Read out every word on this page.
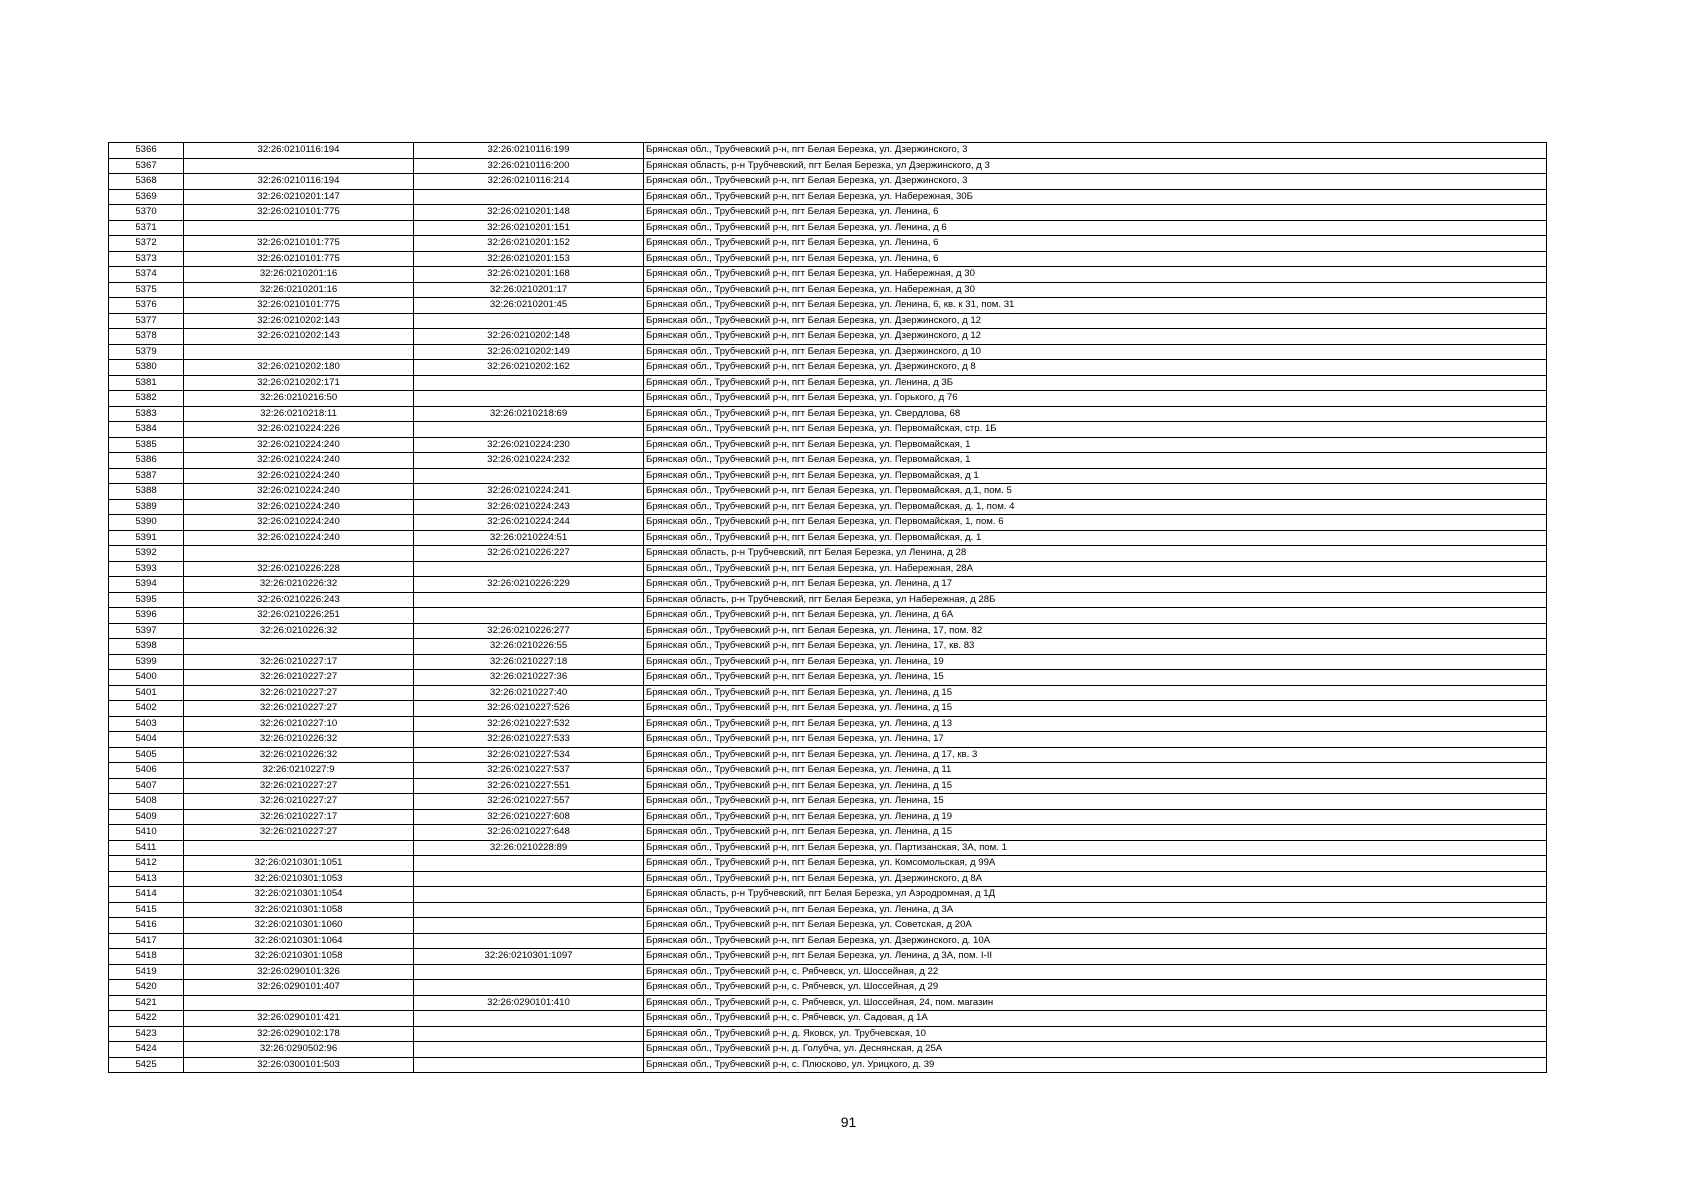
5366	32:26:0210116:194	32:26:0210116:199	Брянская обл., Трубчевский р-н, пгт Белая Березка, ул. Дзержинского, 3
5367		32:26:0210116:200	Брянская область, р-н Трубчевский, пгт Белая Березка, ул Дзержинского, д 3
5368	32:26:0210116:194	32:26:0210116:214	Брянская обл., Трубчевский р-н, пгт Белая Березка, ул. Дзержинского, 3
5369	32:26:0210201:147		Брянская обл., Трубчевский р-н, пгт Белая Березка, ул. Набережная, 30Б
5370	32:26:0210101:775	32:26:0210201:148	Брянская обл., Трубчевский р-н, пгт Белая Березка, ул. Ленина, 6
5371		32:26:0210201:151	Брянская обл., Трубчевский р-н, пгт Белая Березка, ул. Ленина, д 6
5372	32:26:0210101:775	32:26:0210201:152	Брянская обл., Трубчевский р-н, пгт Белая Березка, ул. Ленина, 6
5373	32:26:0210101:775	32:26:0210201:153	Брянская обл., Трубчевский р-н, пгт Белая Березка, ул. Ленина, 6
5374	32:26:0210201:16	32:26:0210201:168	Брянская обл., Трубчевский р-н, пгт Белая Березка, ул. Набережная, д 30
5375	32:26:0210201:16	32:26:0210201:17	Брянская обл., Трубчевский р-н, пгт Белая Березка, ул. Набережная, д 30
5376	32:26:0210101:775	32:26:0210201:45	Брянская обл., Трубчевский р-н, пгт Белая Березка, ул. Ленина, 6, кв. к 31, пом. 31
5377	32:26:0210202:143		Брянская обл., Трубчевский р-н, пгт Белая Березка, ул. Дзержинского, д 12
5378	32:26:0210202:143	32:26:0210202:148	Брянская обл., Трубчевский р-н, пгт Белая Березка, ул. Дзержинского, д 12
5379		32:26:0210202:149	Брянская обл., Трубчевский р-н, пгт Белая Березка, ул. Дзержинского, д 10
5380	32:26:0210202:180	32:26:0210202:162	Брянская обл., Трубчевский р-н, пгт Белая Березка, ул. Дзержинского, д 8
5381	32:26:0210202:171		Брянская обл., Трубчевский р-н, пгт Белая Березка, ул. Ленина, д 3Б
5382	32:26:0210216:50		Брянская обл., Трубчевский р-н, пгт Белая Березка, ул. Горького, д 76
5383	32:26:0210218:11	32:26:0210218:69	Брянская обл., Трубчевский р-н, пгт Белая Березка, ул. Свердлова, 68
5384	32:26:0210224:226		Брянская обл., Трубчевский р-н, пгт Белая Березка, ул. Первомайская, стр. 1Б
5385	32:26:0210224:240	32:26:0210224:230	Брянская обл., Трубчевский р-н, пгт Белая Березка, ул. Первомайская, 1
5386	32:26:0210224:240	32:26:0210224:232	Брянская обл., Трубчевский р-н, пгт Белая Березка, ул. Первомайская, 1
5387	32:26:0210224:240		Брянская обл., Трубчевский р-н, пгт Белая Березка, ул. Первомайская, д 1
5388	32:26:0210224:240	32:26:0210224:241	Брянская обл., Трубчевский р-н, пгт Белая Березка, ул. Первомайская, д.1, пом. 5
5389	32:26:0210224:240	32:26:0210224:243	Брянская обл., Трубчевский р-н, пгт Белая Березка, ул. Первомайская, д. 1, пом. 4
5390	32:26:0210224:240	32:26:0210224:244	Брянская обл., Трубчевский р-н, пгт Белая Березка, ул. Первомайская, 1, пом. 6
5391	32:26:0210224:240	32:26:0210224:51	Брянская обл., Трубчевский р-н, пгт Белая Березка, ул. Первомайская, д. 1
5392		32:26:0210226:227	Брянская область, р-н Трубчевский, пгт Белая Березка, ул Ленина, д 28
5393	32:26:0210226:228		Брянская обл., Трубчевский р-н, пгт Белая Березка, ул. Набережная, 28А
5394	32:26:0210226:32	32:26:0210226:229	Брянская обл., Трубчевский р-н, пгт Белая Березка, ул. Ленина, д 17
5395	32:26:0210226:243		Брянская область, р-н Трубчевский, пгт Белая Березка, ул Набережная, д 28Б
5396	32:26:0210226:251		Брянская обл., Трубчевский р-н, пгт Белая Березка, ул. Ленина, д 6А
5397	32:26:0210226:32	32:26:0210226:277	Брянская обл., Трубчевский р-н, пгт Белая Березка, ул. Ленина, 17, пом. 82
5398		32:26:0210226:55	Брянская обл., Трубчевский р-н, пгт Белая Березка, ул. Ленина, 17, кв. 83
5399	32:26:0210227:17	32:26:0210227:18	Брянская обл., Трубчевский р-н, пгт Белая Березка, ул. Ленина, 19
5400	32:26:0210227:27	32:26:0210227:36	Брянская обл., Трубчевский р-н, пгт Белая Березка, ул. Ленина, 15
5401	32:26:0210227:27	32:26:0210227:40	Брянская обл., Трубчевский р-н, пгт Белая Березка, ул. Ленина, д 15
5402	32:26:0210227:27	32:26:0210227:526	Брянская обл., Трубчевский р-н, пгт Белая Березка, ул. Ленина, д 15
5403	32:26:0210227:10	32:26:0210227:532	Брянская обл., Трубчевский р-н, пгт Белая Березка, ул. Ленина, д 13
5404	32:26:0210226:32	32:26:0210227:533	Брянская обл., Трубчевский р-н, пгт Белая Березка, ул. Ленина, 17
5405	32:26:0210226:32	32:26:0210227:534	Брянская обл., Трубчевский р-н, пгт Белая Березка, ул. Ленина, д 17, кв. 3
5406	32:26:0210227:9	32:26:0210227:537	Брянская обл., Трубчевский р-н, пгт Белая Березка, ул. Ленина, д 11
5407	32:26:0210227:27	32:26:0210227:551	Брянская обл., Трубчевский р-н, пгт Белая Березка, ул. Ленина, д 15
5408	32:26:0210227:27	32:26:0210227:557	Брянская обл., Трубчевский р-н, пгт Белая Березка, ул. Ленина, 15
5409	32:26:0210227:17	32:26:0210227:608	Брянская обл., Трубчевский р-н, пгт Белая Березка, ул. Ленина, д 19
5410	32:26:0210227:27	32:26:0210227:648	Брянская обл., Трубчевский р-н, пгт Белая Березка, ул. Ленина, д 15
5411		32:26:0210228:89	Брянская обл., Трубчевский р-н, пгт Белая Березка, ул. Партизанская, 3А, пом. 1
5412	32:26:0210301:1051		Брянская обл., Трубчевский р-н, пгт Белая Березка, ул. Комсомольская, д 99А
5413	32:26:0210301:1053		Брянская обл., Трубчевский р-н, пгт Белая Березка, ул. Дзержинского, д 8А
5414	32:26:0210301:1054		Брянская область, р-н Трубчевский, пгт Белая Березка, ул Аэродромная, д 1Д
5415	32:26:0210301:1058		Брянская обл., Трубчевский р-н, пгт Белая Березка, ул. Ленина, д 3А
5416	32:26:0210301:1060		Брянская обл., Трубчевский р-н, пгт Белая Березка, ул. Советская, д 20А
5417	32:26:0210301:1064		Брянская обл., Трубчевский р-н, пгт Белая Березка, ул. Дзержинского, д. 10А
5418	32:26:0210301:1058	32:26:0210301:1097	Брянская обл., Трубчевский р-н, пгт Белая Березка, ул. Ленина, д 3А, пом. I-II
5419	32:26:0290101:326		Брянская обл., Трубчевский р-н, с. Рябчевск, ул. Шоссейная, д 22
5420	32:26:0290101:407		Брянская обл., Трубчевский р-н, с. Рябчевск, ул. Шоссейная, д 29
5421		32:26:0290101:410	Брянская обл., Трубчевский р-н, с. Рябчевск, ул. Шоссейная, 24, пом. магазин
5422	32:26:0290101:421		Брянская обл., Трубчевский р-н, с. Рябчевск, ул. Садовая, д 1А
5423	32:26:0290102:178		Брянская обл., Трубчевский р-н, д. Яковск, ул. Трубчевская, 10
5424	32:26:0290502:96		Брянская обл., Трубчевский р-н, д. Голубча, ул. Деснянская, д 25А
5425	32:26:0300101:503		Брянская обл., Трубчевский р-н, с. Плюсково, ул. Урицкого, д. 39
91
